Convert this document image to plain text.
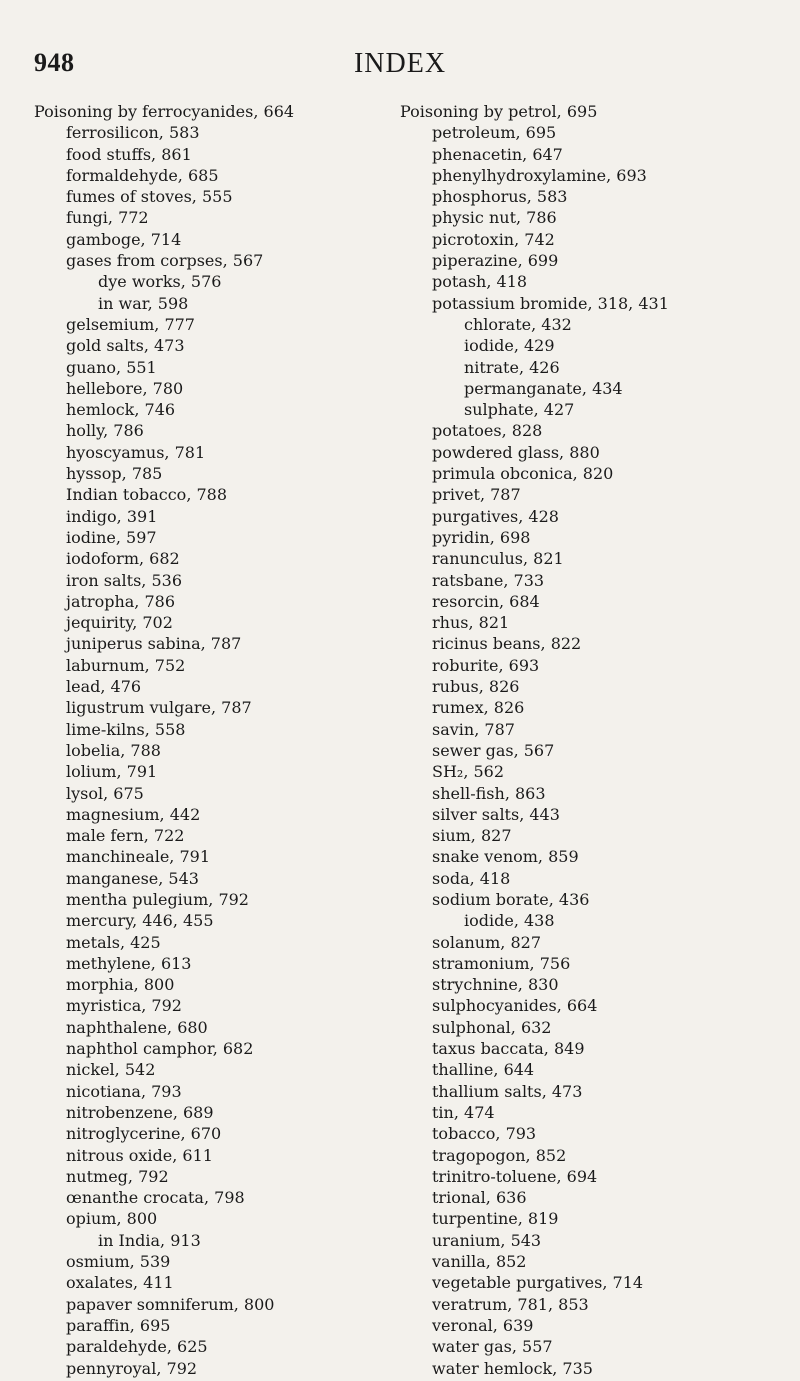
948	INDEX
Poisoning by ferrocyanides, 664
ferrosilicon, 583
food stuffs, 861
formaldehyde, 685
fumes of stoves, 555
fungi, 772
gamboge, 714
gases from corpses, 567
dye works, 576
in war, 598
gelsemium, 777
gold salts, 473
guano, 551
hellebore, 780
hemlock, 746
holly, 786
hyoscyamus, 781
hyssop, 785
Indian tobacco, 788
indigo, 391
iodine, 597
iodoform, 682
iron salts, 536
jatropha, 786
jequirity, 702
juniperus sabina, 787
laburnum, 752
lead, 476
ligustrum vulgare, 787
lime-kilns, 558
lobelia, 788
lolium, 791
lysol, 675
magnesium, 442
male fern, 722
manchineale, 791
manganese, 543
mentha pulegium, 792
mercury, 446, 455
metals, 425
methylene, 613
morphia, 800
myristica, 792
naphthalene, 680
naphthol camphor, 682
nickel, 542
nicotiana, 793
nitrobenzene, 689
nitroglycerine, 670
nitrous oxide, 611
nutmeg, 792
œnanthe crocata, 798
opium, 800
in India, 913
osmium, 539
oxalates, 411
papaver somniferum, 800
paraffin, 695
paraldehyde, 625
pennyroyal, 792
Poisoning by petrol, 695
petroleum, 695
phenacetin, 647
phenylhydroxylamine, 693
phosphorus, 583
physic nut, 786
picrotoxin, 742
piperazine, 699
potash, 418
potassium bromide, 318, 431
chlorate, 432
iodide, 429
nitrate, 426
permanganate, 434
sulphate, 427
potatoes, 828
powdered glass, 880
primula obconica, 820
privet, 787
purgatives, 428
pyridin, 698
ranunculus, 821
ratsbane, 733
resorcin, 684
rhus, 821
ricinus beans, 822
roburite, 693
rubus, 826
rumex, 826
savin, 787
sewer gas, 567
SH₂, 562
shell-fish, 863
silver salts, 443
sium, 827
snake venom, 859
soda, 418
sodium borate, 436
iodide, 438
solanum, 827
stramonium, 756
strychnine, 830
sulphocyanides, 664
sulphonal, 632
taxus baccata, 849
thalline, 644
thallium salts, 473
tin, 474
tobacco, 793
tragopogon, 852
trinitro-toluene, 694
trional, 636
turpentine, 819
uranium, 543
vanilla, 852
vegetable purgatives, 714
veratrum, 781, 853
veronal, 639
water gas, 557
water hemlock, 735
